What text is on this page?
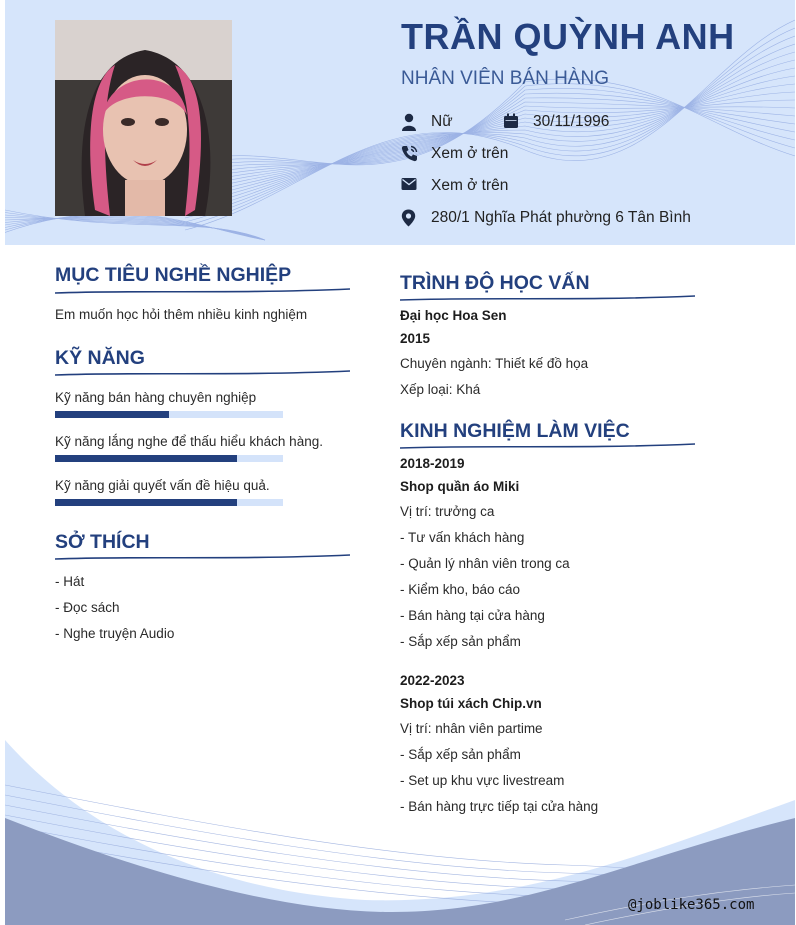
TRẦN QUỲNH ANH
NHÂN VIÊN BÁN HÀNG
Nữ	30/11/1996
Xem ở trên
Xem ở trên
280/1 Nghĩa Phát phường 6 Tân Bình
@joblike365.com
MỤC TIÊU NGHỀ NGHIỆP
Em muốn học hỏi thêm nhiều kinh nghiệm
KỸ NĂNG
Kỹ năng bán hàng chuyên nghiệp
Kỹ năng lắng nghe để thấu hiểu khách hàng.
Kỹ năng giải quyết vấn đề hiệu quả.
SỞ THÍCH
- Hát
- Đọc sách
- Nghe truyện Audio
TRÌNH ĐỘ HỌC VẤN
Đại học Hoa Sen
2015
Chuyên ngành: Thiết kế đồ họa
Xếp loại: Khá
KINH NGHIỆM LÀM VIỆC
2018-2019
Shop quần áo Miki
Vị trí: trưởng ca
- Tư vấn khách hàng
- Quản lý nhân viên trong ca
- Kiểm kho, báo cáo
- Bán hàng tại cửa hàng
- Sắp xếp sản phẩm
2022-2023
Shop túi xách Chip.vn
Vị trí: nhân viên partime
- Sắp xếp sản phẩm
- Set up khu vực livestream
- Bán hàng trực tiếp tại cửa hàng
